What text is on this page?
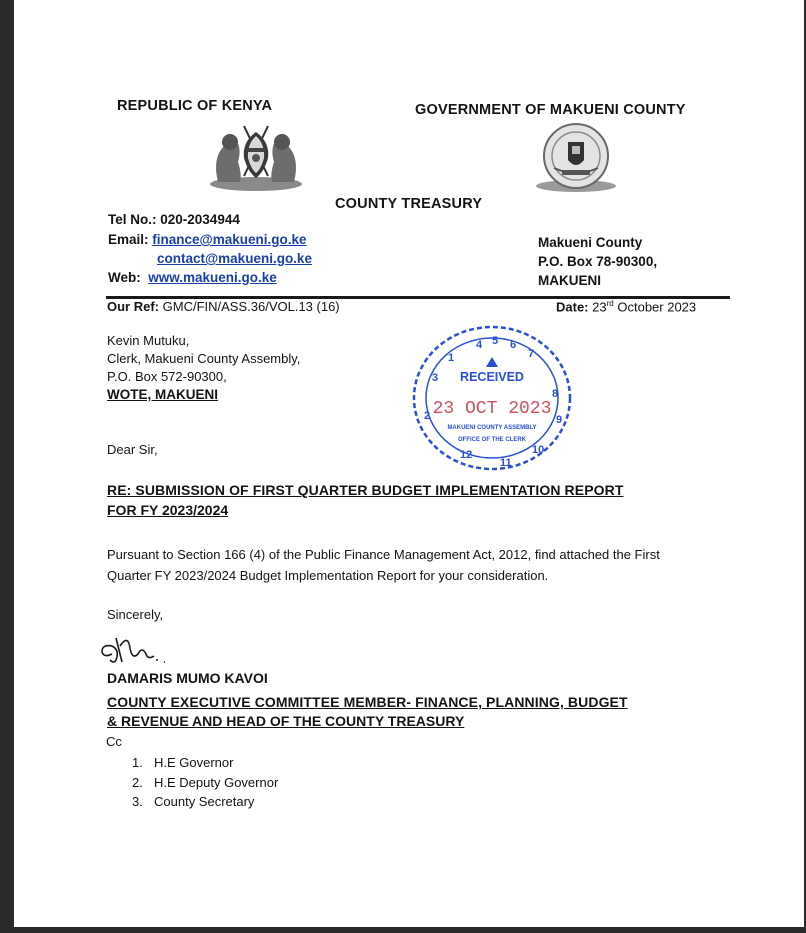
REPUBLIC OF KENYA	GOVERNMENT OF MAKUENI COUNTY
COUNTY TREASURY
Tel No.: 020-2034944
Email: finance@makueni.go.ke
contact@makueni.go.ke
Web: www.makueni.go.ke
Makueni County
P.O. Box 78-90300,
MAKUENI
Our Ref: GMC/FIN/ASS.36/VOL.13 (16)	Date: 23rd October 2023
Kevin Mutuku,
Clerk, Makueni County Assembly,
P.O. Box 572-90300,
WOTE, MAKUENI
4 5 6
7
8
9
10
11
12
2
3
1
RECEIVED
23 OCT 2023
MAKUENI COUNTY ASSEMBLY
OFFICE OF THE CLERK
Dear Sir,
RE: SUBMISSION OF FIRST QUARTER BUDGET IMPLEMENTATION REPORT
FOR FY 2023/2024
Pursuant to Section 166 (4) of the Public Finance Management Act, 2012, find attached the First
Quarter FY 2023/2024 Budget Implementation Report for your consideration.
Sincerely,
DAMARIS MUMO KAVOI
COUNTY EXECUTIVE COMMITTEE MEMBER- FINANCE, PLANNING, BUDGET
& REVENUE AND HEAD OF THE COUNTY TREASURY
Cc
1. H.E Governor
2. H.E Deputy Governor
3. County Secretary
